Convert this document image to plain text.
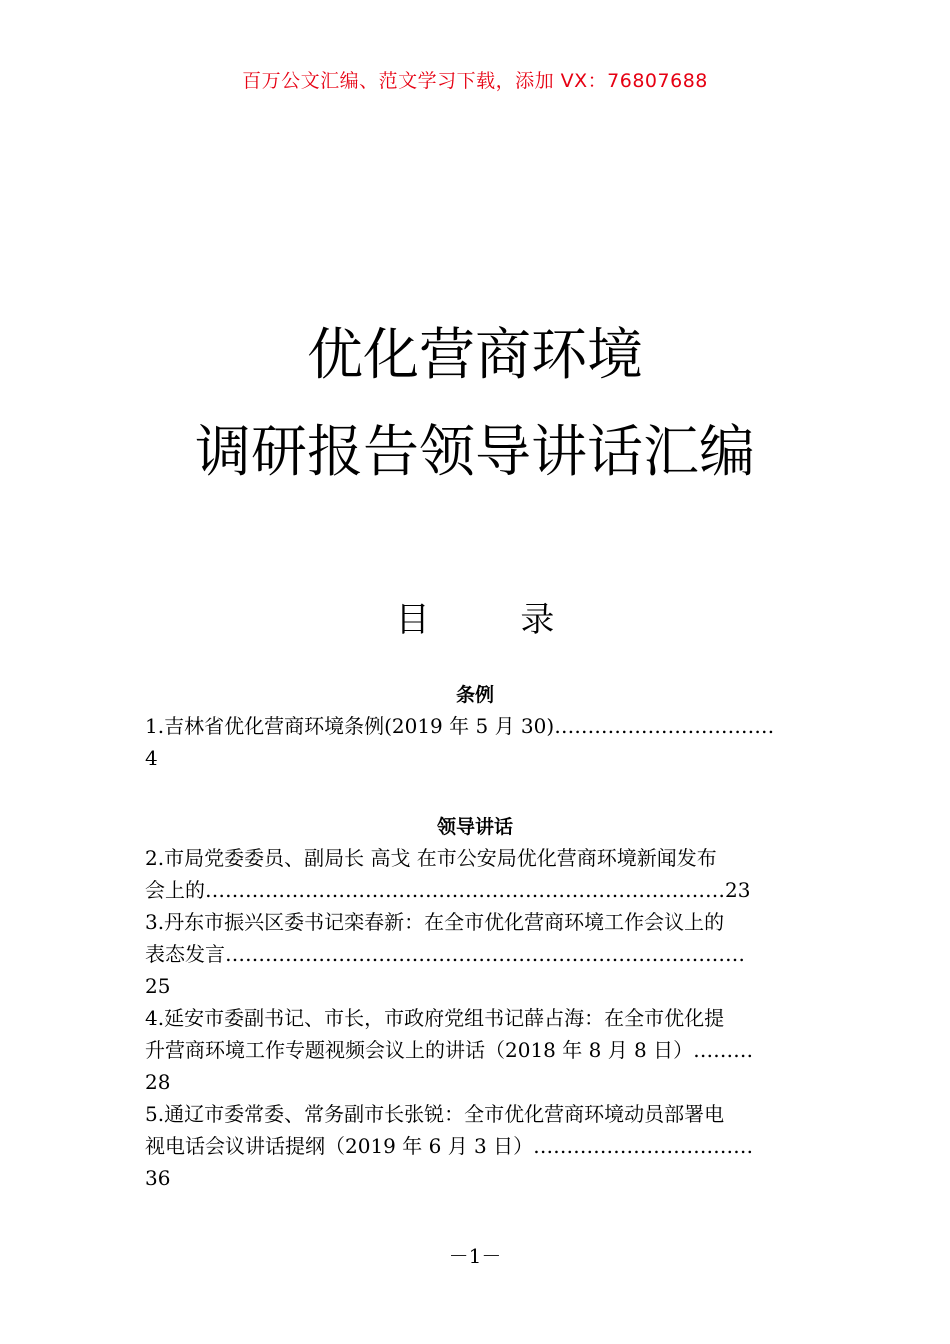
百万公文汇编、范文学习下载，添加 VX：76807688
优化营商环境
调研报告领导讲话汇编
目 录
条例
1.吉林省优化营商环境条例(2019 年 5 月 30)……………………………
4
领导讲话
2.市局党委委员、副局长 高戈 在市公安局优化营商环境新闻发布
会上的……………………………………………………………………23
3.丹东市振兴区委书记栾春新：在全市优化营商环境工作会议上的
表态发言……………………………………………………………………
25
4.延安市委副书记、市长，市政府党组书记薛占海：在全市优化提
升营商环境工作专题视频会议上的讲话（2018 年 8 月 8 日）………
28
5.通辽市委常委、常务副市长张锐：全市优化营商环境动员部署电
视电话会议讲话提纲（2019 年 6 月 3 日）……………………………
36
－1－
